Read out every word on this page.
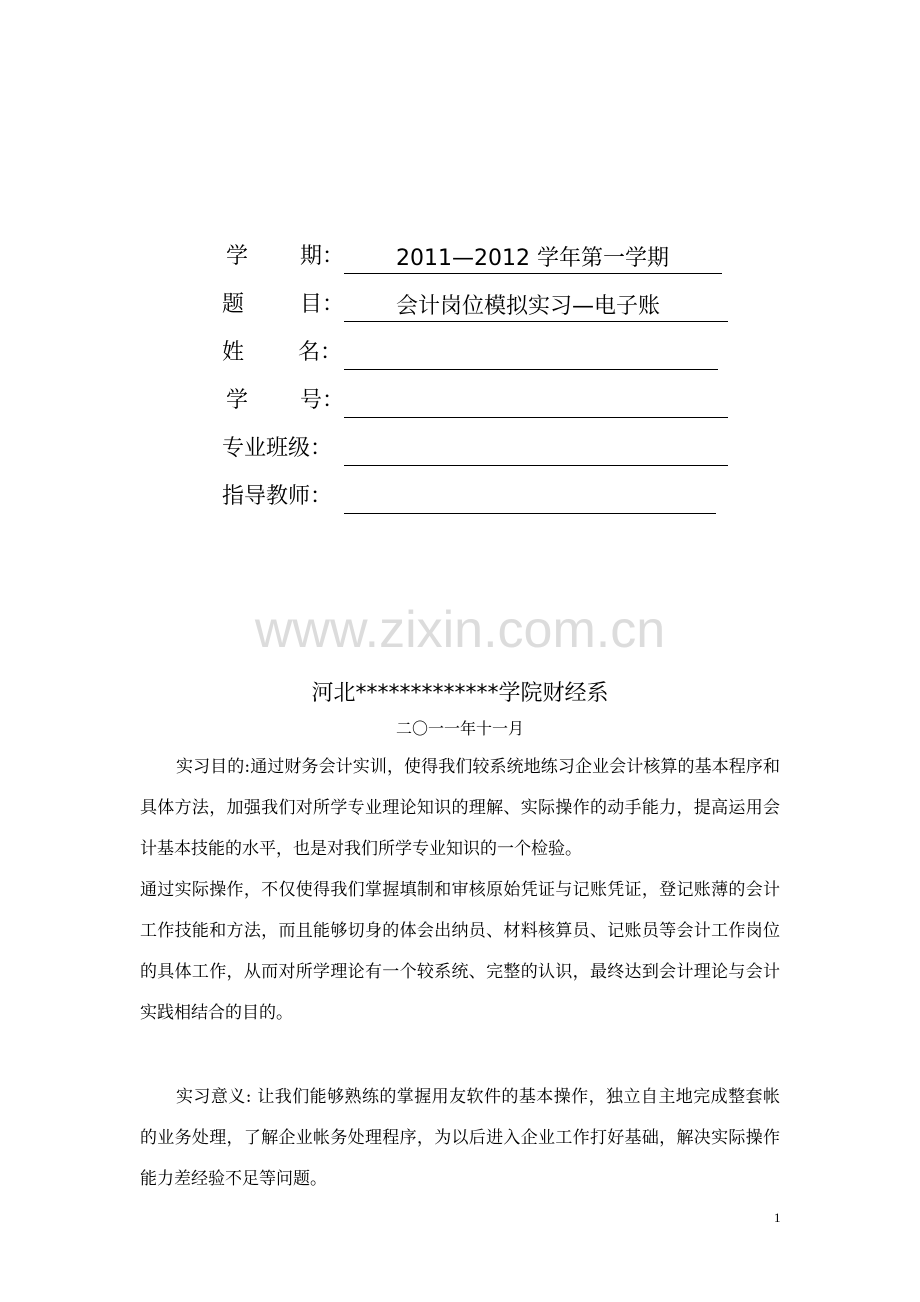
学 期： 2011—2012 学年第一学期
题	目： 会计岗位模拟实习—电子账
姓 名：
学 号：
专业班级：
指导教师：
www.zixin.com.cn
河北*************学院财经系
二〇一一年十一月

实习目的:通过财务会计实训，使得我们较系统地练习企业会计核算的基本程序和具体方法，加强我们对所学专业理论知识的理解、实际操作的动手能力，提高运用会计基本技能的水平，也是对我们所学专业知识的一个检验。

通过实际操作，不仅使得我们掌握填制和审核原始凭证与记账凭证，登记账薄的会计工作技能和方法，而且能够切身的体会出纳员、材料核算员、记账员等会计工作岗位的具体工作，从而对所学理论有一个较系统、完整的认识，最终达到会计理论与会计实践相结合的目的。

实习意义: 让我们能够熟练的掌握用友软件的基本操作，独立自主地完成整套帐的业务处理，了解企业帐务处理程序，为以后进入企业工作打好基础，解决实际操作能力差经验不足等问题。

1
